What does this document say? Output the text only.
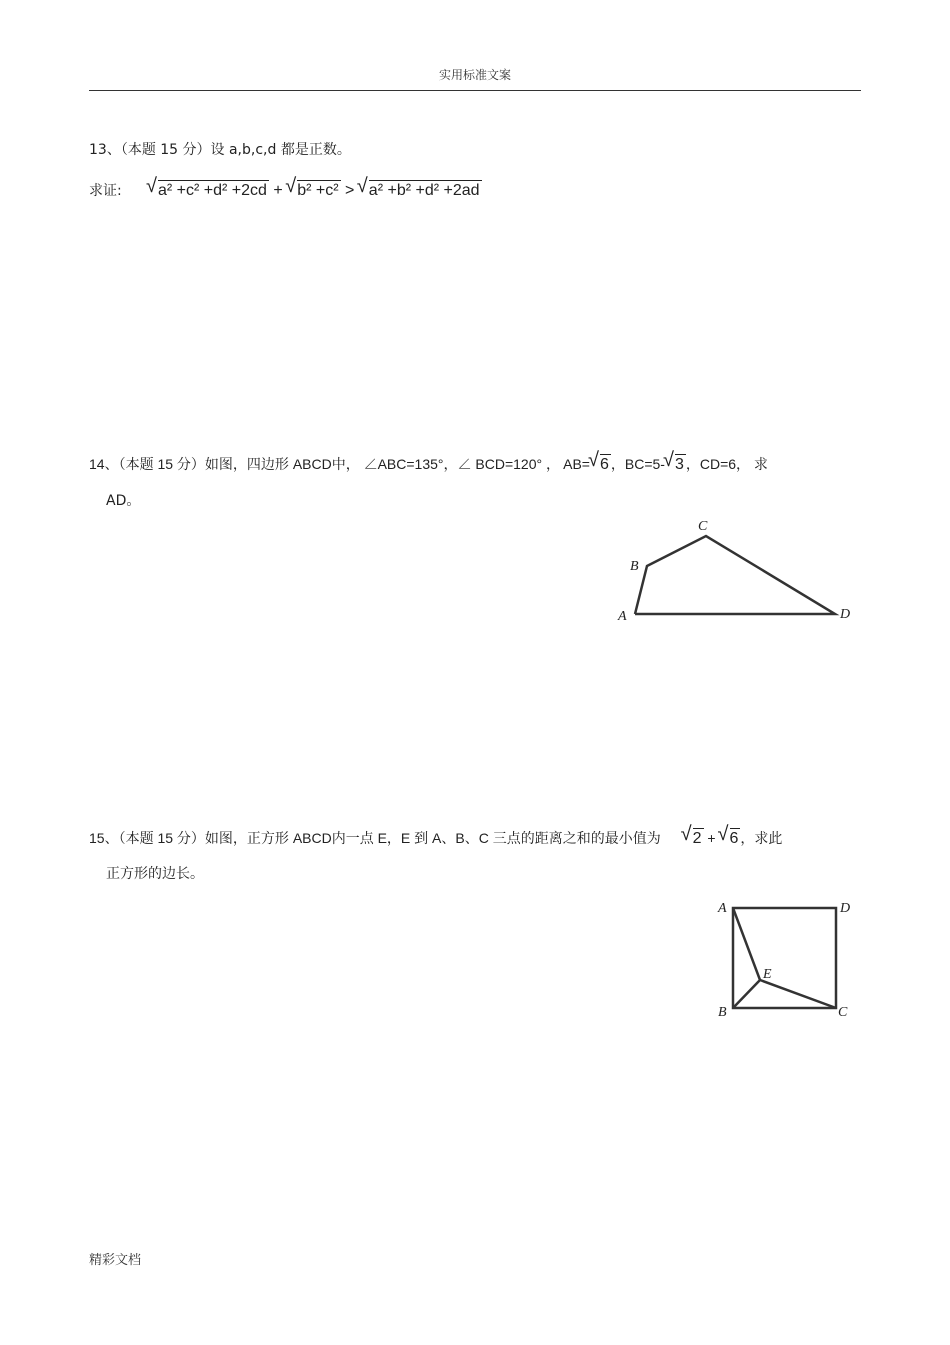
实用标准文案
13、（本题 15 分）设 a,b,c,d 都是正数。
求证:	√ a² +c² +d² +2cd + √ b² +c² > √ a² +b² +d² +2ad
14、（本题 15 分）如图，四边形 ABCD中， ∠ABC=135°，∠ BCD=120° ， AB= √ 6 ，BC=5- √ 3 ，CD=6， 求
AD。
A
B
C
D
15、（本题 15 分）如图，正方形 ABCD内一点 E，E 到 A、B、C 三点的距离之和的最小值为 √ 2 + √ 6 ，求此
正方形的边长。
A	D
B	C
E
精彩文档
